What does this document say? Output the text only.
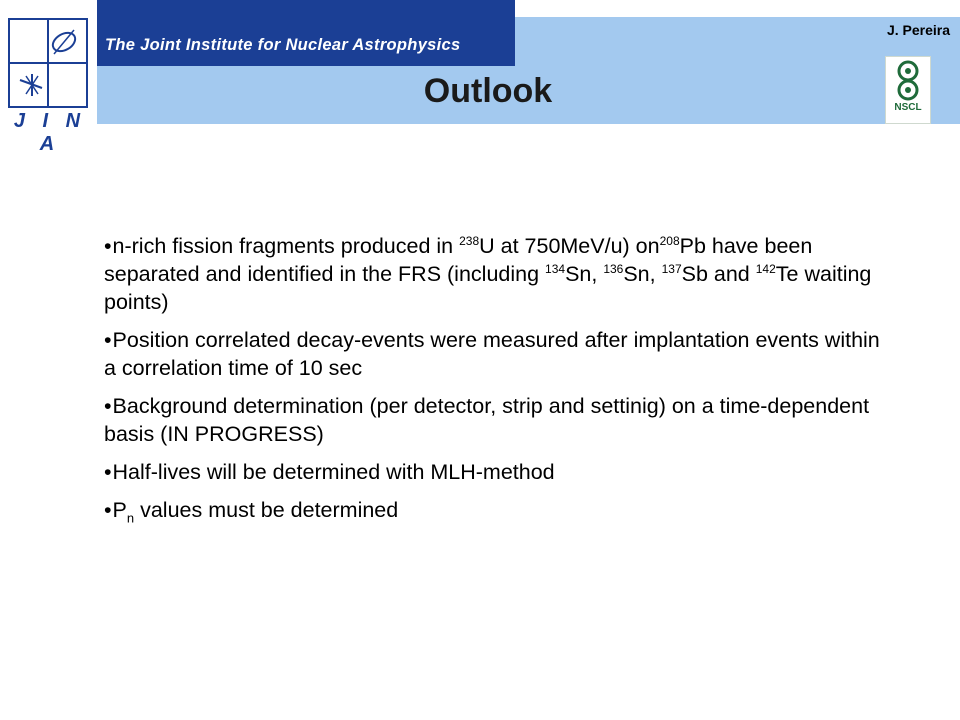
The Joint Institute for Nuclear Astrophysics
J. Pereira
Outlook
J I N A
NSCL
•n-rich fission fragments produced in $^{238}$U at 750MeV/u) $on^{208}Pb$ have been separated and identified in the FRS (including $^{134}$Sn, $^{136}$Sn, $^{137}$Sb and $^{142}$Te waiting points)
•Position correlated decay-events were measured after implantation events within a correlation time of 10 sec
•Background determination (per detector, strip and settinig) on a time-dependent basis (IN PROGRESS)
•Half-lives will be determined with MLH-method
$•P_n$ values must be determined
